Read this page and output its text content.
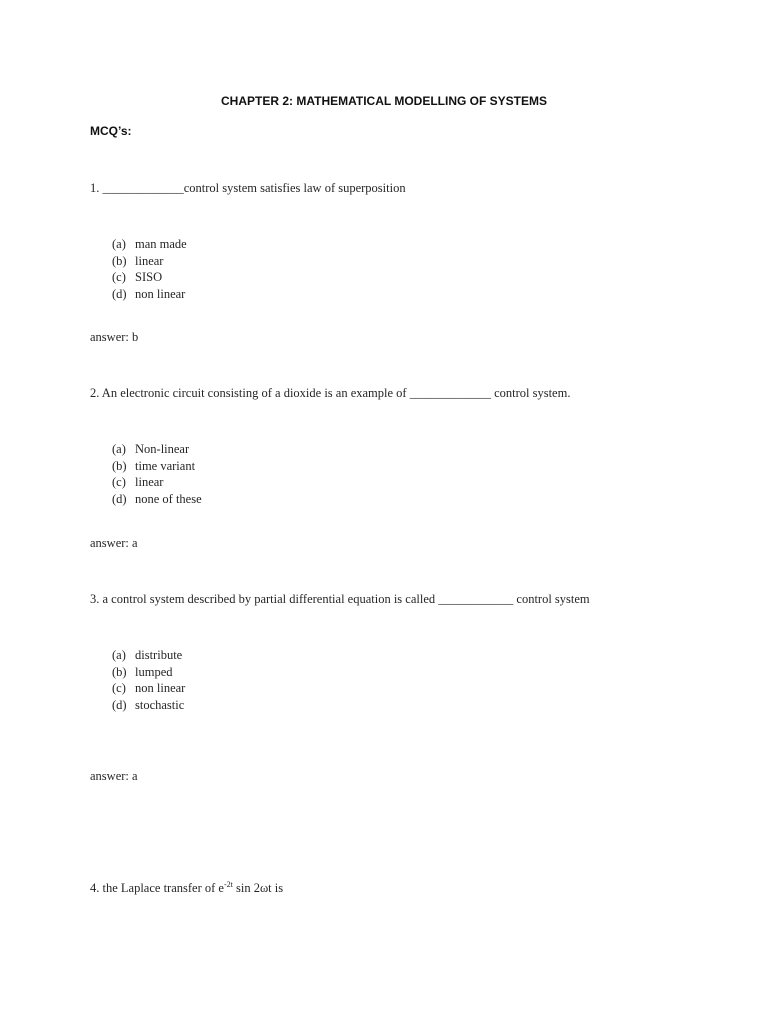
CHAPTER 2: MATHEMATICAL MODELLING OF SYSTEMS
MCQ’s:
1. _____________control system satisfies law of superposition
(a) man made
(b) linear
(c) SISO
(d) non linear
answer: b
2. An electronic circuit consisting of a dioxide is an example of _____________ control system.
(a) Non-linear
(b) time variant
(c) linear
(d) none of these
answer: a
3. a control system described by partial differential equation is called ____________ control system
(a) distribute
(b) lumped
(c) non linear
(d) stochastic
answer: a
4. the Laplace transfer of $e^{-2t}$ sin 2ωt is
